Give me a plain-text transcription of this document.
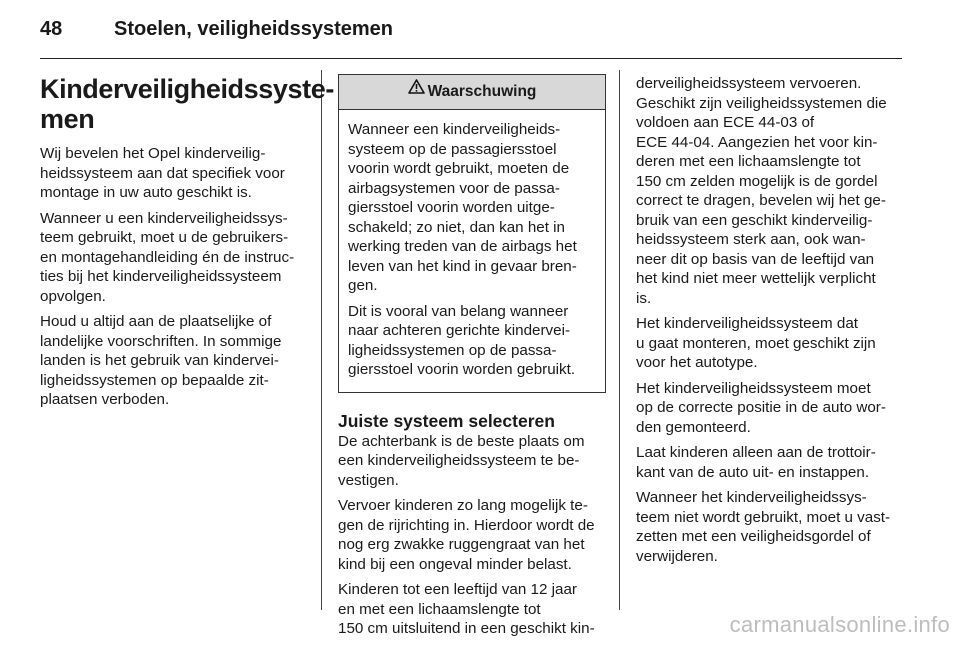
48	Stoelen, veiligheidssystemen
Kinderveiligheidssyste-
men

Wij bevelen het Opel kinderveilig-
heidssysteem aan dat specifiek voor
montage in uw auto geschikt is.

Wanneer u een kinderveiligheidssys-
teem gebruikt, moet u de gebruikers-
en montagehandleiding én de instruc-
ties bij het kinderveiligheidssysteem
opvolgen.

Houd u altijd aan de plaatselijke of
landelijke voorschriften. In sommige
landen is het gebruik van kindervei-
ligheidssystemen op bepaalde zit-
plaatsen verboden.

Waarschuwing

Wanneer een kinderveiligheids-
systeem op de passagiersstoel
voorin wordt gebruikt, moeten de
airbagsystemen voor de passa-
giersstoel voorin worden uitge-
schakeld; zo niet, dan kan het in
werking treden van de airbags het
leven van het kind in gevaar bren-
gen.

Dit is vooral van belang wanneer
naar achteren gerichte kindervei-
ligheidssystemen op de passa-
giersstoel voorin worden gebruikt.

Juiste systeem selecteren

De achterbank is de beste plaats om
een kinderveiligheidssysteem te be-
vestigen.

Vervoer kinderen zo lang mogelijk te-
gen de rijrichting in. Hierdoor wordt de
nog erg zwakke ruggengraat van het
kind bij een ongeval minder belast.

Kinderen tot een leeftijd van 12 jaar
en met een lichaamslengte tot
150 cm uitsluitend in een geschikt kin-

derveiligheidssysteem vervoeren.
Geschikt zijn veiligheidssystemen die
voldoen aan ECE 44-03 of
ECE 44-04. Aangezien het voor kin-
deren met een lichaamslengte tot
150 cm zelden mogelijk is de gordel
correct te dragen, bevelen wij het ge-
bruik van een geschikt kinderveilig-
heidssysteem sterk aan, ook wan-
neer dit op basis van de leeftijd van
het kind niet meer wettelijk verplicht
is.

Het kinderveiligheidssysteem dat
u gaat monteren, moet geschikt zijn
voor het autotype.

Het kinderveiligheidssysteem moet
op de correcte positie in de auto wor-
den gemonteerd.

Laat kinderen alleen aan de trottoir-
kant van de auto uit- en instappen.

Wanneer het kinderveiligheidssys-
teem niet wordt gebruikt, moet u vast-
zetten met een veiligheidsgordel of
verwijderen.

carmanualsonline.info
